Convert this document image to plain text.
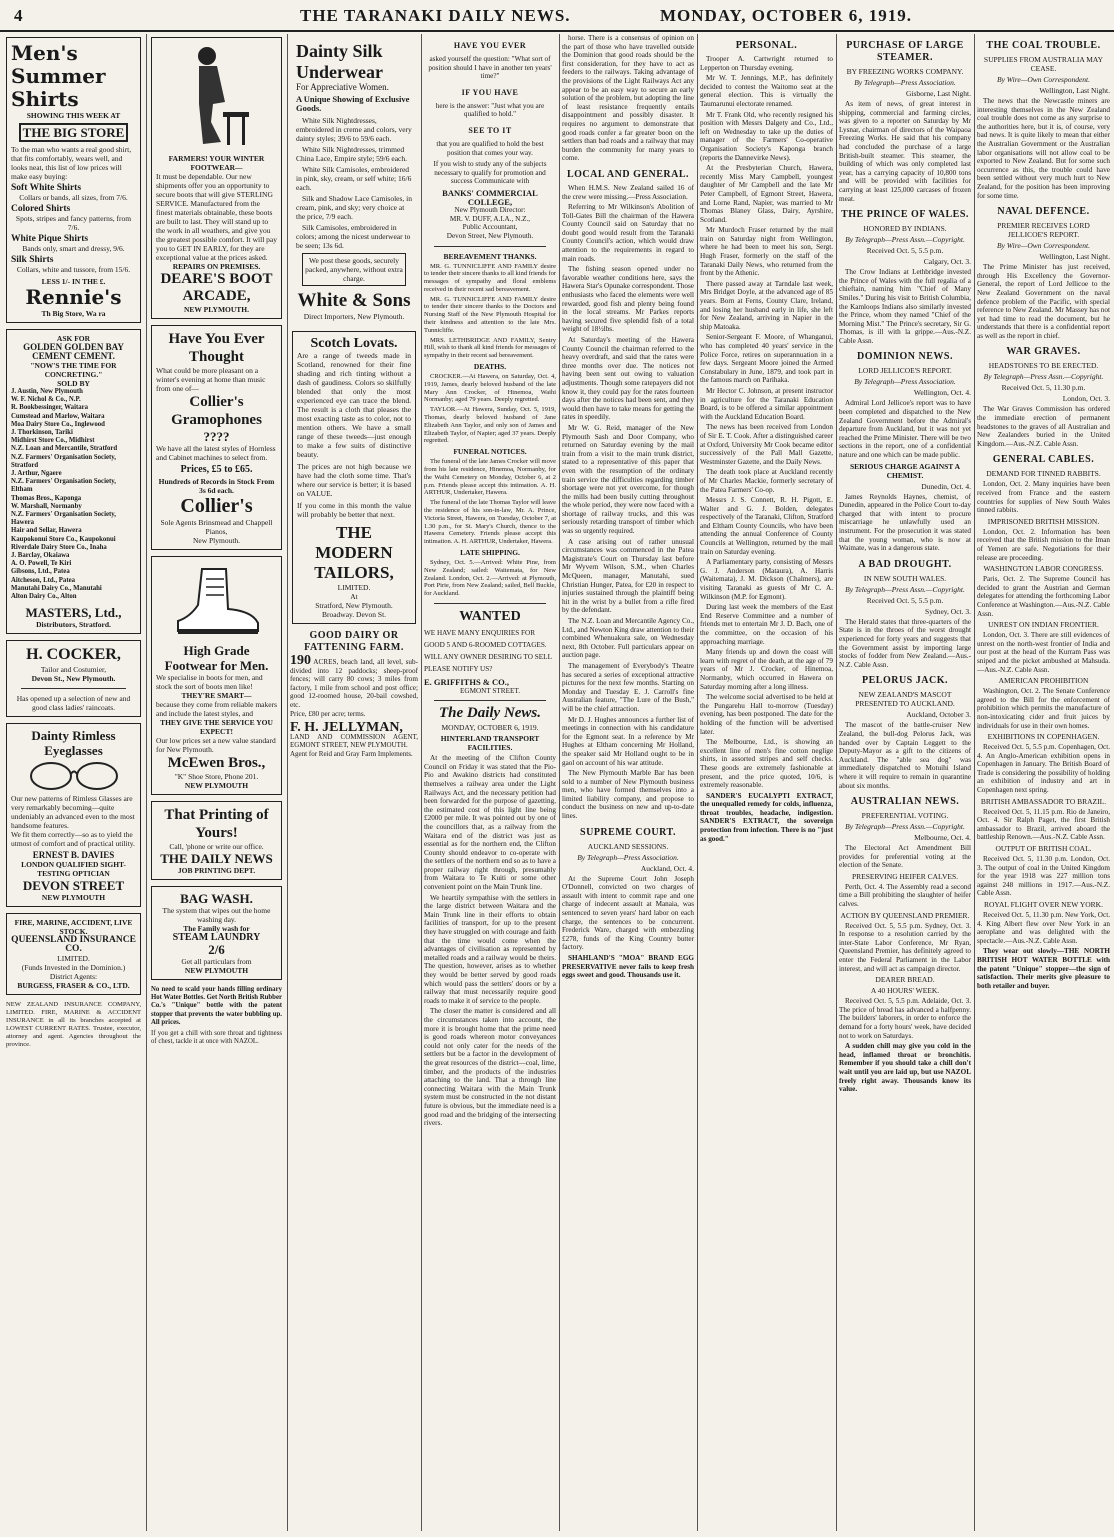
4	THE TARANAKI DAILY NEWS.	MONDAY, OCTOBER 6, 1919.
Men's Summer Shirts
SHOWING THIS WEEK AT
THE BIG STORE
To the man who wants a real good shirt, that fits comfortably, wears well, and looks neat, this list of low prices will make easy buying:
Soft White Shirts
Collars or bands, all sizes, from 7/6.
Colored Shirts
Spots, stripes and fancy patterns, from 7/6.
White Pique Shirts
Bands only, smart and dressy, 9/6.
Silk Shirts
Collars, white and tussore, from 15/6.
LESS 1/- IN THE £.
Rennie's
Th Big Store, Wa ra
ASK FOR
GOLDEN GOLDEN BAY CEMENT CEMENT.
"NOW'S THE TIME FOR CONCRETING."
SOLD BY
J. Austin, New Plymouth
W. F. Nichol & Co., N.P.
R. Bookbessinger, Waitara
Cumstead and Marlow, Waitara
Moa Dairy Store Co., Inglewood
J. Thorkinson, Tariki
Midhirst Store Co., Midhirst
N.Z. Loan and Mercantile, Stratford
N.Z. Farmers' Organisation Society, Stratford
J. Arthur, Ngaere
N.Z. Farmers' Organisation Society, Eltham
Thomas Bros., Kaponga
W. Marshall, Normanby
N.Z. Farmers' Organisation Society, Hawera
Hair and Sellar, Hawera
Kaupokonui Store Co., Kaupokonui
Riverdale Dairy Store Co., Inaha
J. Barclay, Okaiawa
A. O. Powell, Te Kiri
Gibsons, Ltd., Patea
Aitcheson, Ltd., Patea
Manutahi Dairy Co., Manutahi
Alton Dairy Co., Alton
MASTERS, Ltd.,
Distributors, Stratford.
H. COCKER,
Tailor and Costumier,
Devon St., New Plymouth.
Has opened up a selection of new and good class ladies' raincoats.
Dainty Rimless Eyeglasses
Our new patterns of Rimless Glasses are very remarkably becoming—quite undeniably an advanced even to the most handsome features.
We fit them correctly—so as to yield the utmost of comfort and of practical utility.
ERNEST B. DAVIES
LONDON QUALIFIED SIGHT-TESTING OPTICIAN
DEVON STREET
NEW PLYMOUTH
FIRE, MARINE, ACCIDENT, LIVE STOCK.
QUEENSLAND INSURANCE CO.
LIMITED.
(Funds Invested in the Dominion.)
District Agents:
BURGESS, FRASER & CO., LTD.
NEW ZEALAND INSURANCE COMPANY, LIMITED. FIRE, MARINE & ACCIDENT INSURANCE in all its branches accepted at LOWEST CURRENT RATES. Trustee, executor, attorney and agent. Agencies throughout the province.
FARMERS! YOUR WINTER FOOTWEAR—
It must be dependable. Our new shipments offer you an opportunity to secure boots that will give STERLING SERVICE. Manufactured from the finest materials obtainable, these boots are built to last. They will stand up to the work in all weathers, and give you the greatest possible comfort. It will pay you to GET IN EARLY, for they are exceptional value at the prices asked.
REPAIRS ON PREMISES.
DEARE'S BOOT ARCADE,
NEW PLYMOUTH.
Have You Ever Thought
What could be more pleasant on a winter's evening at home than music from one of—
Collier's Gramophones
????
We have all the latest styles of Hornless and Cabinet machines to select from.
Prices, £5 to £65.
Hundreds of Records in Stock From 3s 6d each.
Collier's
Sole Agents Brinsmead and Chappell Pianos,
New Plymouth.
High Grade Footwear for Men.
We specialise in boots for men, and stock the sort of boots men like!
THEY'RE SMART—
because they come from reliable makers and include the latest styles, and
THEY GIVE THE SERVICE YOU EXPECT!
Our low prices set a new value standard for New Plymouth.
McEwen Bros.,
"K" Shoe Store, Phone 201.
NEW PLYMOUTH
That Printing of Yours!
Call, 'phone or write our office.
THE DAILY NEWS
JOB PRINTING DEPT.
BAG WASH.
The system that wipes out the home washing day.
The Family wash for
STEAM LAUNDRY
2/6
Get all particulars from
NEW PLYMOUTH
No need to scald your hands filling ordinary Hot Water Bottles. Get North British Rubber Co.'s "Unique" bottle with the patent stopper that prevents the water bubbling up. All prices.
If you get a chill with sore throat and tightness of chest, tackle it at once with NAZOL.
Dainty Silk Underwear
For Appreciative Women.
A Unique Showing of Exclusive Goods.

White Silk Nightdresses, embroidered in creme and colors, very dainty styles; 39/6 to 59/6 each.

White Silk Nightdresses, trimmed China Lace, Empire style; 59/6 each.

White Silk Camisoles, embroidered in pink, sky, cream, or self white; 16/6 each.

Silk and Shadow Lace Camisoles, in cream, pink, and sky; very choice at the price, 7/9 each.

Silk Camisoles, embroidered in colors; among the nicest underwear to be seen; 13s 6d.

We post these goods, securely packed, anywhere, without extra charge.
White & Sons
Direct Importers, New Plymouth.
Scotch Lovats.
Are a range of tweeds made in Scotland, renowned for their fine shading and rich tinting without a dash of gaudiness. Colors so skilfully blended that only the most experienced eye can trace the blend. The result is a cloth that pleases the most exacting taste as to color, not to mention others. We have a small range of these tweeds—just enough to make a few suits of distinctive beauty.
The prices are not high because we have had the cloth some time. That's where our service is better; it is based on VALUE.
If you come in this month the value will probably be better that next.
THE MODERN TAILORS,
LIMITED.
At
Stratford, New Plymouth.
Broadway. Devon St.
GOOD DAIRY OR FATTENING FARM.
190 ACRES, beach land, all level, sub-divided into 12 paddocks; sheep-proof fences; will carry 80 cows; 3 miles from factory, 1 mile from school and post office; good 12-roomed house, 20-bail cowshed, etc.
Price, £80 per acre; terms.
F. H. JELLYMAN,
LAND AND COMMISSION AGENT, EGMONT STREET, NEW PLYMOUTH.
Agent for Reid and Gray Farm Implements.
HAVE YOU EVER
asked yourself the question: "What sort of position should I have in another ten years' time?"
IF YOU HAVE
here is the answer: "Just what you are qualified to hold."
SEE TO IT
that you are qualified to hold the best position that comes your way.
If you wish to study any of the subjects necessary to qualify for promotion and success Communicate with
BANKS' COMMERCIAL COLLEGE,
New Plymouth Director:
MR. V. DUFF, A.I.A., N.Z.,
Public Accountant,
Devon Street, New Plymouth.
BEREAVEMENT THANKS.

MR. G. TUNNICLIFFE AND FAMILY desire to tender their sincere thanks to all kind friends for messages of sympathy and floral emblems received in their recent sad bereavement.

MR. G. TUNNICLIFFE AND FAMILY desire to tender their sincere thanks to the Doctors and Nursing Staff of the New Plymouth Hospital for their kindness and attention to the late Mrs. Tunnicliffe.

MRS. LETHBRIDGE AND FAMILY, Sentry Hill, wish to thank all kind friends for messages of sympathy in their recent sad bereavement.

DEATHS.

CROCKER.—At Hawera, on Saturday, Oct. 4, 1919, James, dearly beloved husband of the late Mary Ann Crocker, of Hinemoa, Waihi Normanby; aged 79 years. Deeply regretted.

TAYLOR.—At Hawera, Sunday, Oct. 5, 1919, Thomas, dearly beloved husband of Jane Elizabeth Ann Taylor, and only son of James and Elizabeth Taylor, of Napier; aged 37 years. Deeply regretted.

FUNERAL NOTICES.

The funeral of the late James Crocker will move from his late residence, Hinemoa, Normanby, for the Waihi Cemetery on Monday, October 6, at 2 p.m. Friends please accept this intimation. A. H. ARTHUR, Undertaker, Hawera.

The funeral of the late Thomas Taylor will leave the residence of his son-in-law, Mr. A. Prince, Victoria Street, Hawera, on Tuesday, October 7, at 1.30 p.m., for St. Mary's Church, thence to the Hawera Cemetery. Friends please accept this intimation. A. H. ARTHUR, Undertaker, Hawera.

LATE SHIPPING.

Sydney, Oct. 5.—Arrived: White Pine, from New Zealand; sailed: Waitemata, for New Zealand. London, Oct. 2.—Arrived: at Plymouth, Port Pirie, from New Zealand; sailed, Bell Buckle, for Auckland.

WANTED
WE HAVE MANY ENQUIRIES FOR GOOD 5 AND 6-ROOMED COTTAGES. WILL ANY OWNER DESIRING TO SELL PLEASE NOTIFY US?
E. GRIFFITHS & CO.,
EGMONT STREET.
The Daily News.
MONDAY, OCTOBER 6, 1919.
HINTERLAND TRANSPORT FACILITIES.

At the meeting of the Clifton County Council on Friday it was stated that the Pio-Pio and Awakino districts had constituted themselves a railway area under the Light Railways Act, and the necessary petition had been forwarded for the purpose of gazetting, the estimated cost of this light line being £2000 per mile. It was pointed out by one of the councillors that, as a railway from the Waitara end of the district was just as essential as for the northern end, the Clifton County should endeavor to co-operate with the settlers of the northern end so as to have a proper railway right through, presumably from Waitara to Te Kuiti or some other convenient point on the Main Trunk line.

We heartily sympathise with the settlers in the large district between Waitara and the Main Trunk line in their efforts to obtain facilities of transport, for up to the present they have struggled on with courage and faith that the time would come when the advantages of civilisation as represented by metalled roads and a railway would be theirs. The question, however, arises as to whether they would be better served by good roads which would pass the settlers' doors or by a railway that must necessarily require good roads to make it of service to the people.

The closer the matter is considered and all the circumstances taken into account, the more it is brought home that the prime need is good roads whereon motor conveyances could not only cater for the needs of the settlers but be a factor in the development of the great resources of the district—coal, lime, timber, and the products of the industries attaching to the land. That a through line connecting Waitara with the Main Trunk system must be constructed in the not distant future is obvious, but the immediate need is a good road and the bridging of the intersecting rivers.

horse. There is a consensus of opinion on the part of those who have travelled outside the Dominion that good roads should be the first consideration, for they have to act as feeders to the railways. Taking advantage of the provisions of the Light Railways Act any appear to be an easy way to secure an early solution of the problem, but adopting the line of least resistance frequently entails disappointment and possibly disaster. It requires no argument to demonstrate that good roads confer a far greater boon on the settlers than bad roads and a railway that may burden the community for many years to come.

LOCAL AND GENERAL.

When H.M.S. New Zealand sailed 16 of the crew were missing.—Press Association.

Referring to Mr Wilkinson's Abolition of Toll-Gates Bill the chairman of the Hawera County Council said on Saturday that no doubt good would result from the Taranaki County Council's action, which would draw attention to the requirements in regard to main roads.

The fishing season opened under no favorable weather conditions here, says the Hawera Star's Opunake correspondent. Those enthusiasts who faced the elements were well rewarded, good fish and plenty being found in the local streams. Mr Parkes reports having secured five splendid fish of a total weight of 18½lbs.

At Saturday's meeting of the Hawera County Council the chairman referred to the heavy overdraft, and said that the rates were three months over due. The notices not having been sent out owing to valuation adjustments. Though some ratepayers did not know it, they could pay for the rates fourteen days after the notices had been sent, and they would then have to take means for getting the rates in speedily.

Mr W. G. Reid, manager of the New Plymouth Sash and Door Company, who returned on Saturday evening by the mail train from a visit to the main trunk district, stated to a representative of this paper that even with the resumption of the ordinary train service the difficulties regarding timber shortage were not yet overcome, for though the mills had been busily cutting throughout the whole period, they were now faced with a shortage of railway trucks, and this was seriously retarding transport of timber which was so urgently required.

A case arising out of rather unusual circumstances was commenced in the Patea Magistrate's Court on Thursday last before Mr Wyvern Wilson, S.M., when Charles McQueen, manager, Manutahi, sued Christian Hunger, Patea, for £20 in respect to injuries sustained through the plaintiff being hit in the wrist by a bullet from a rifle fired by the defendant.

The N.Z. Loan and Mercantile Agency Co., Ltd., and Newton King draw attention to their combined Whenuakura sale, on Wednesday next, 8th October. Full particulars appear on auction page.

The management of Everybody's Theatre has secured a series of exceptional attractive pictures for the next few months. Starting on Monday and Tuesday E. J. Carroll's fine Australian feature, "The Lure of the Bush," will be the chief attraction.

Mr D. J. Hughes announces a further list of meetings in connection with his candidature for the Egmont seat. In a reference by Mr Hughes at Eltham concerning Mr Holland, the speaker said Mr Holland ought to be in gaol on account of his war attitude.

The New Plymouth Marble Bar has been sold to a number of New Plymouth business men, who have formed themselves into a limited liability company, and propose to conduct the business on new and up-to-date lines.

SUPREME COURT.
AUCKLAND SESSIONS.
By Telegraph—Press Association.
Auckland, Oct. 4.

At the Supreme Court John Joseph O'Donnell, convicted on two charges of assault with intent to commit rape and one charge of indecent assault at Manaia, was sentenced to seven years' hard labor on each charge, the sentences to be concurrent. Frederick Ware, charged with embezzling £278, funds of the King Country butter factory.

SHAHLAND'S "MOA" BRAND EGG PRESERVATIVE never fails to keep fresh eggs sweet and good. Thousands use it.

PERSONAL.

Trooper A. Cartwright returned to Lepperton on Thursday evening.

Mr W. T. Jennings, M.P., has definitely decided to contest the Waitomo seat at the general election. This is virtually the Taumarunui electorate renamed.

Mr T. Frank Old, who recently resigned his position with Messrs Dalgety and Co., Ltd., left on Wednesday to take up the duties of manager of the Farmers' Co-operative Organisation Society's Kaponga branch (reports the Dannevirke News).

At the Presbyterian Church, Hawera, recently Miss Mary Campbell, youngest daughter of Mr Campbell and the late Mr Peter Campbell, of Egmont Street, Hawera, and Lorne Rand, Napier, was married to Mr Thomas Blaney Glass, Dairy, Ayrshire, Scotland.

Mr Murdoch Fraser returned by the mail train on Saturday night from Wellington, where he had been to meet his son, Sergt. Hugh Fraser, formerly on the staff of the Taranaki Daily News, who returned from the front by the Athenic.

There passed away at Tarndale last week, Mrs Bridget Doyle, at the advanced age of 85 years. Born at Ferns, County Clare, Ireland, and losing her husband early in life, she left for New Zealand, arriving in Napier in the ship Matoaka.

Senior-Sergeant F. Moore, of Whanganui, who has completed 40 years' service in the Police Force, retires on superannuation in a few days. Sergeant Moore joined the Armed Constabulary in June, 1879, and took part in the famous march on Parihaka.

Mr Hector C. Johnson, at present instructor in agriculture for the Taranaki Education Board, is to be offered a similar appointment with the Auckland Education Board.

The news has been received from London of Sir E. T. Cook. After a distinguished career at Oxford, University Mr Cook became editor successively of the Pall Mall Gazette, Westminster Gazette, and the Daily News.

The death took place at Auckland recently of Mr Charles Mackie, formerly secretary of the Patea Farmers' Co-op.

Messrs J. S. Connett, R. H. Pigott, E. Walter and G. J. Bolden, delegates respectively of the Taranaki, Clifton, Stratford and Eltham County Councils, who have been attending the annual Conference of County Councils at Wellington, returned by the mail train on Saturday evening.

A Parliamentary party, consisting of Messrs G. J. Anderson (Mataura), A. Harris (Waitemata), J. M. Dickson (Chalmers), are visiting Taranaki as guests of Mr C. A. Wilkinson (M.P. for Egmont).

During last week the members of the East End Reserve Committee and a number of friends met to entertain Mr J. D. Bach, one of the committee, on the occasion of his approaching marriage.

Many friends up and down the coast will learn with regret of the death, at the age of 79 years of Mr J. Crocker, of Hinemoa, Normanby, which occurred in Hawera on Saturday morning after a long illness.

The welcome social advertised to be held at the Pungarehu Hall to-morrow (Tuesday) evening, has been postponed. The date for the holding of the function will be advertised later.

The Melbourne, Ltd., is showing an excellent line of men's fine cotton neglige shirts, in assorted stripes and self checks. These goods are extremely fashionable at present, and the price quoted, 10/6, is extremely reasonable.

SANDER'S EUCALYPTI EXTRACT, the unequalled remedy for colds, influenza, throat troubles, headache, indigestion. SANDER'S EXTRACT, the sovereign protection from infection. There is no "just as good."

PURCHASE OF LARGE STEAMER.
BY FREEZING WORKS COMPANY.
By Telegraph—Press Association.
Gisborne, Last Night.

As item of news, of great interest in shipping, commercial and farming circles, was given to a reporter on Saturday by Mr Lysnar, chairman of directors of the Waipaoa Freezing Works. He said that his company had concluded the purchase of a large British-built steamer. This steamer, the building of which was only completed last year, has a carrying capacity of 10,800 tons and will be provided with facilities for carrying at least 125,000 carcases of frozen meat.

THE PRINCE OF WALES.
HONORED BY INDIANS.
By Telegraph—Press Assn.—Copyright.
Received Oct. 5, 5.5 p.m.
Calgary, Oct. 3.

The Crow Indians at Lethbridge invested the Prince of Wales with the full regalia of a chieftain, naming him "Chief of Many Smiles." During his visit to British Columbia, the Kamloops Indians also similarly invested the Prince, whom they named "Chief of the Morning Mist." The Prince's secretary, Sir G. Thomas, is ill with la grippe.—Aus.-N.Z. Cable Assn.

DOMINION NEWS.
LORD JELLICOE'S REPORT.
By Telegraph—Press Association.
Wellington, Oct. 4.

Admiral Lord Jellicoe's report was to have been completed and dispatched to the New Zealand Government before the Admiral's departure from Auckland, but it was not yet reached the Prime Minister. There will be two sections in the report, one of a confidential nature and one which can be made public.

SERIOUS CHARGE AGAINST A CHEMIST.
Dunedin, Oct. 4.

James Reynolds Haynes, chemist, of Dunedin, appeared in the Police Court to-day charged that with intent to procure miscarriage he unlawfully used an instrument. For the prosecution it was stated that the young woman, who is now at Waimate, was in a dangerous state.

A BAD DROUGHT.
IN NEW SOUTH WALES.
By Telegraph—Press Assn.—Copyright.
Received Oct. 5, 5.5 p.m.
Sydney, Oct. 3.

The Herald states that three-quarters of the State is in the throes of the worst drought experienced for forty years and suggests that the Government assist by importing large stocks of fodder from New Zealand.—Aus.-N.Z. Cable Assn.

PELORUS JACK.
NEW ZEALAND'S MASCOT PRESENTED TO AUCKLAND.
Auckland, October 3.

The mascot of the battle-cruiser New Zealand, the bull-dog Pelorus Jack, was handed over by Captain Leggett to the Deputy-Mayor as a gift to the citizens of Auckland. The "able sea dog" was immediately dispatched to Motuihi Island where it will require to remain in quarantine about six months.

AUSTRALIAN NEWS.
PREFERENTIAL VOTING.
By Telegraph—Press Assn.—Copyright.
Melbourne, Oct. 4.

The Electoral Act Amendment Bill provides for preferential voting at the election of the Senate.

PRESERVING HEIFER CALVES.

Perth, Oct. 4. The Assembly read a second time a Bill prohibiting the slaughter of heifer calves.

ACTION BY QUEENSLAND PREMIER.

Received Oct. 5, 5.5 p.m. Sydney, Oct. 3. In response to a resolution carried by the inter-State Labor Conference, Mr Ryan, Queensland Premier, has definitely agreed to enter the Federal Parliament in the Labor interest, and will act as campaign director.

DEARER BREAD.
A 40 HOURS' WEEK.

Received Oct. 5, 5.5 p.m. Adelaide, Oct. 3. The price of bread has advanced a halfpenny. The builders' laborers, in order to enforce the demand for a forty hours' week, have decided not to work on Saturdays.

A sudden chill may give you cold in the head, inflamed throat or bronchitis. Remember if you should take a chill don't wait until you are laid up, but use NAZOL freely right away. Thousands know its value.

THE COAL TROUBLE.
SUPPLIES FROM AUSTRALIA MAY CEASE.
By Wire—Own Correspondent.
Wellington, Last Night.

The news that the Newcastle miners are interesting themselves in the New Zealand coal trouble does not come as any surprise to the authorities here, but it is, of course, very bad news. It is quite likely to mean that either the Australian Government or the Australian labor organisations will not allow coal to be exported to New Zealand. But for some such occurrence as this, the trouble could have been settled without very much hurt to New Zealand, for the position has been improving for some time.

NAVAL DEFENCE.
PREMIER RECEIVES LORD JELLICOE'S REPORT.
By Wire—Own Correspondent.
Wellington, Last Night.

The Prime Minister has just received, through His Excellency the Governor-General, the report of Lord Jellicoe to the New Zealand Government on the naval defence problem of the Pacific, with special reference to New Zealand. Mr Massey has not yet had time to read the document, but he understands that there is a confidential report as well as the report in chief.

WAR GRAVES.
HEADSTONES TO BE ERECTED.
By Telegraph—Press Assn.—Copyright.
Received Oct. 5, 11.30 p.m.
London, Oct. 3.

The War Graves Commission has ordered the immediate erection of permanent headstones to the graves of all Australian and New Zealanders buried in the United Kingdom.—Aus.-N.Z. Cable Assn.

GENERAL CABLES.
DEMAND FOR TINNED RABBITS.

London, Oct. 2. Many inquiries have been received from France and the eastern countries for supplies of New South Wales tinned rabbits.

IMPRISONED BRITISH MISSION.

London, Oct. 2. Information has been received that the British mission to the Iman of Yemen are safe. Negotiations for their release are proceeding.

WASHINGTON LABOR CONGRESS.

Paris, Oct. 2. The Supreme Council has decided to grant the Austrian and German delegates for attending the forthcoming Labor Conference at Washington.—Aus.-N.Z. Cable Assn.

UNREST ON INDIAN FRONTIER.

London, Oct. 3. There are still evidences of unrest on the north-west frontier of India and our post at the head of the Kurram Pass was sniped and the picket ambushed at Mahsuda.—Aus.-N.Z. Cable Assn.

AMERICAN PROHIBITION

Washington, Oct. 2. The Senate Conference agreed to the Bill for the enforcement of prohibition which permits the manufacture of non-intoxicating cider and fruit juices by individuals for use in their own homes.

EXHIBITIONS IN COPENHAGEN.

Received Oct. 5, 5.5 p.m. Copenhagen, Oct. 4. An Anglo-American exhibition opens in Copenhagen in January. The British Board of Trade is considering the possibility of holding an exhibition of industry and art in Copenhagen next spring.

BRITISH AMBASSADOR TO BRAZIL.

Received Oct. 5, 11.15 p.m. Rio de Janeiro, Oct. 4. Sir Ralph Paget, the first British ambassador to Brazil, arrived aboard the battleship Renown.—Aus.-N.Z. Cable Assn.

OUTPUT OF BRITISH COAL.

Received Oct. 5, 11.30 p.m. London, Oct. 3. The output of coal in the United Kingdom for the year 1918 was 227 million tons against 248 millions in 1917.—Aus.-N.Z. Cable Assn.

ROYAL FLIGHT OVER NEW YORK.

Received Oct. 5, 11.30 p.m. New York, Oct. 4. King Albert flew over New York in an aeroplane and was delighted with the spectacle.—Aus.-N.Z. Cable Assn.

They wear out slowly—THE NORTH BRITISH HOT WATER BOTTLE with the patent "Unique" stopper—the sign of satisfaction. Their merits give pleasure to both retailer and buyer.
